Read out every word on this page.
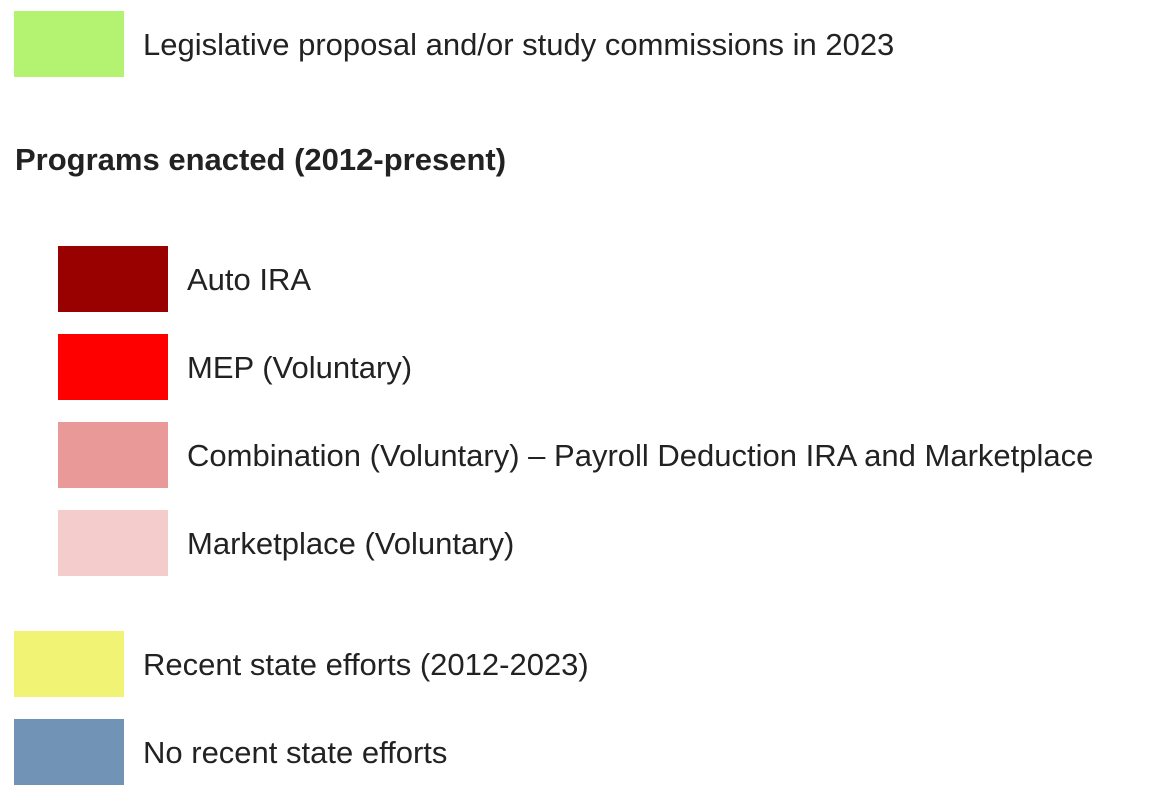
Legislative proposal and/or study commissions in 2023
Programs enacted (2012-present)
Auto IRA
MEP (Voluntary)
Combination (Voluntary) – Payroll Deduction IRA and Marketplace
Marketplace (Voluntary)
Recent state efforts (2012-2023)
No recent state efforts
